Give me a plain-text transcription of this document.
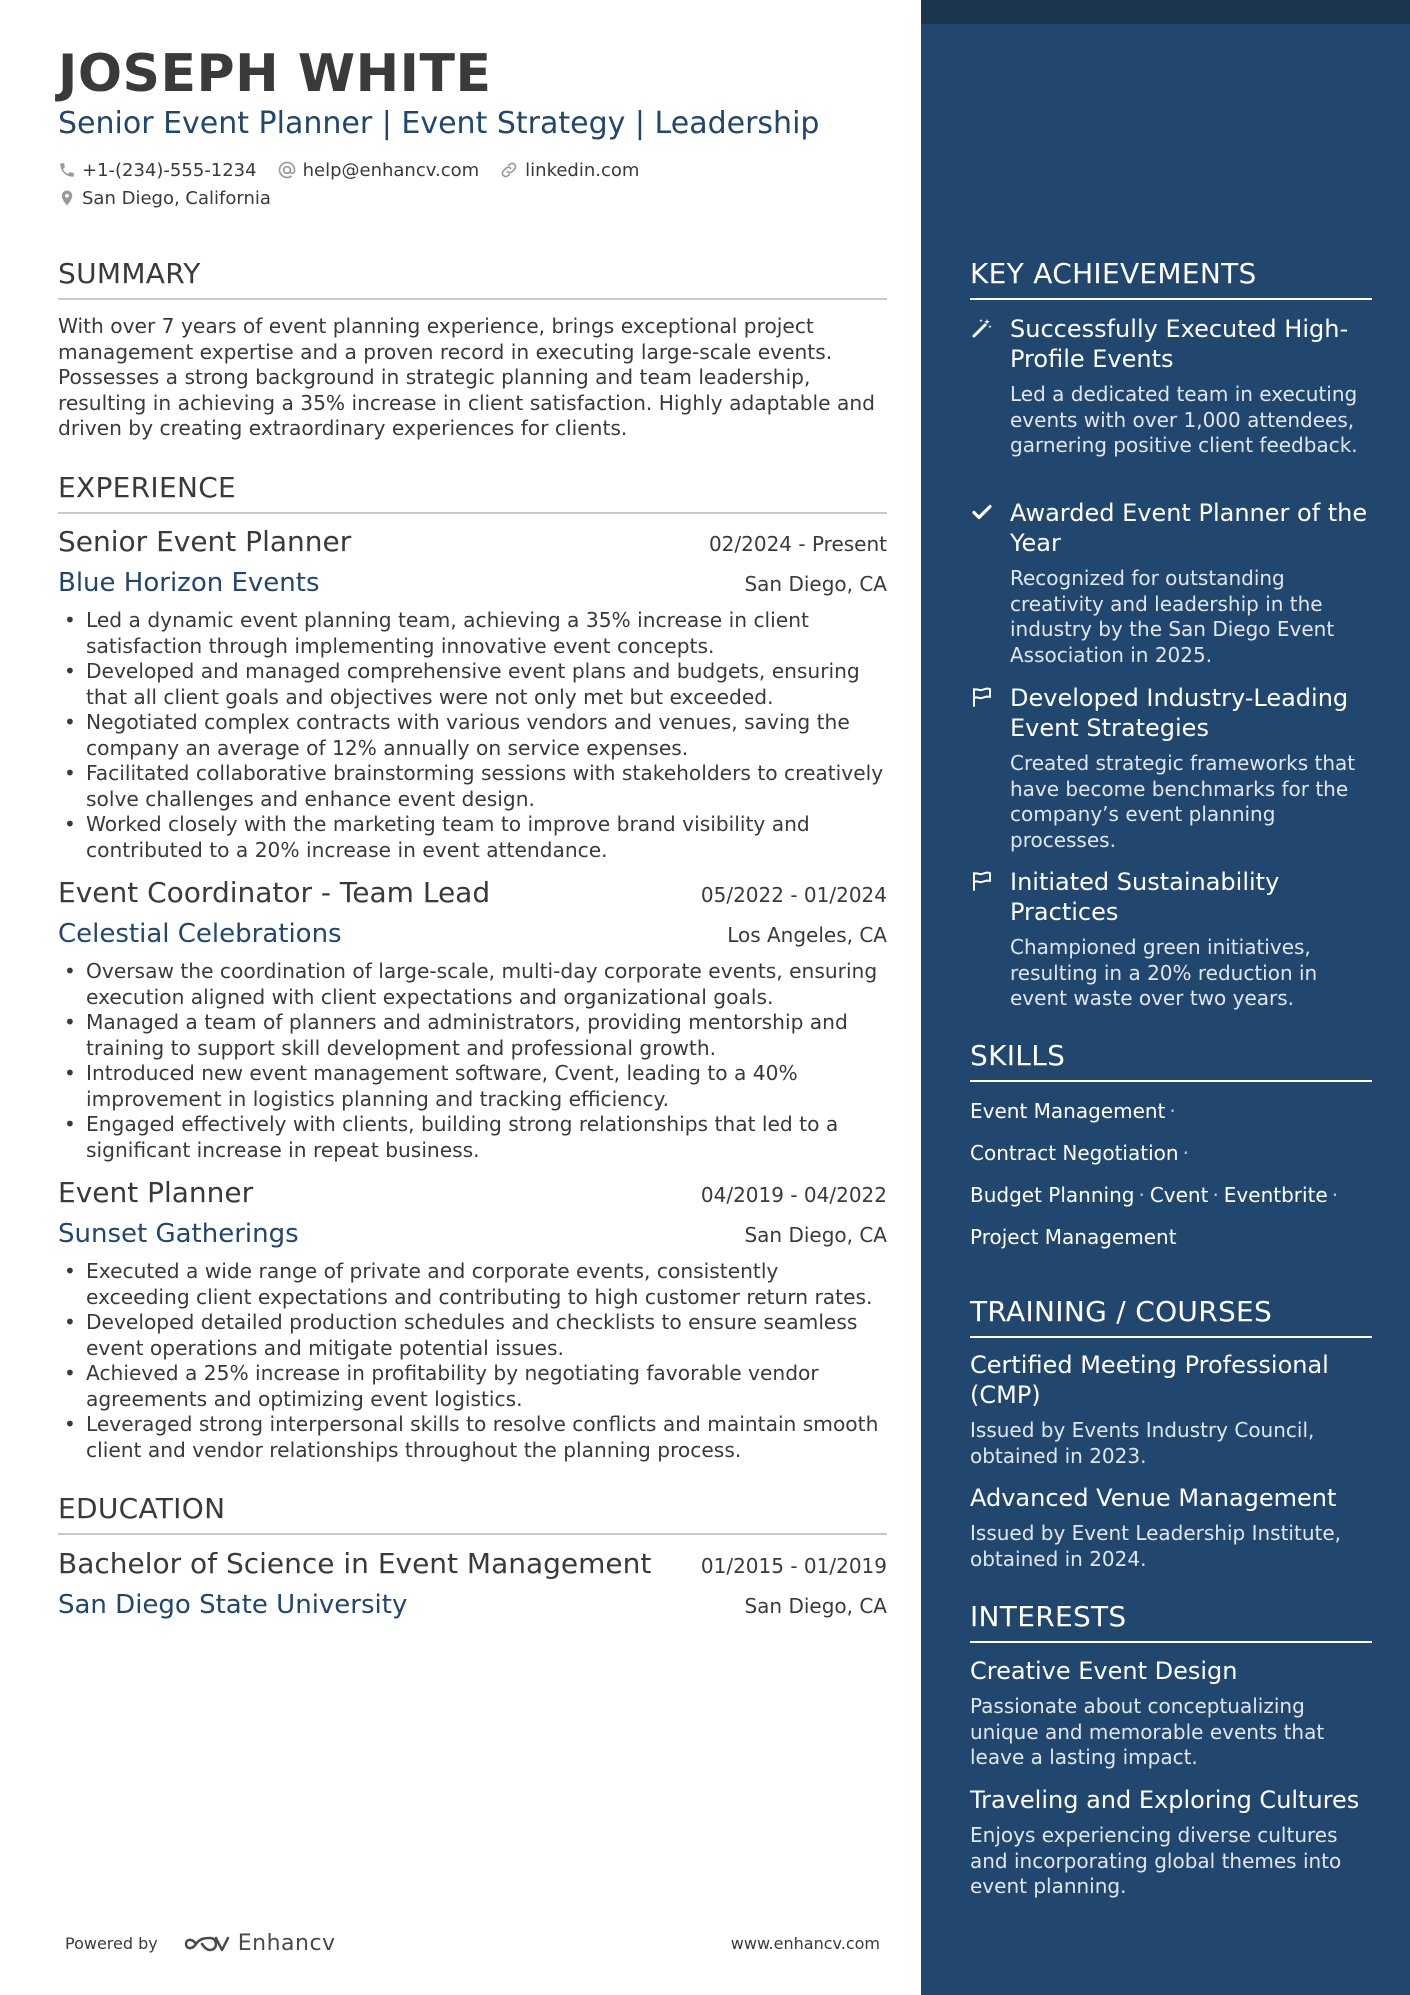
JOSEPH WHITE
Senior Event Planner | Event Strategy | Leadership
+1-(234)-555-1234	help@enhancv.com	linkedin.com
San Diego, California
SUMMARY
With over 7 years of event planning experience, brings exceptional project management expertise and a proven record in executing large-scale events. Possesses a strong background in strategic planning and team leadership, resulting in achieving a 35% increase in client satisfaction. Highly adaptable and driven by creating extraordinary experiences for clients.
EXPERIENCE
Senior Event Planner	02/2024 - Present
Blue Horizon Events	San Diego, CA
• Led a dynamic event planning team, achieving a 35% increase in client satisfaction through implementing innovative event concepts.
• Developed and managed comprehensive event plans and budgets, ensuring that all client goals and objectives were not only met but exceeded.
• Negotiated complex contracts with various vendors and venues, saving the company an average of 12% annually on service expenses.
• Facilitated collaborative brainstorming sessions with stakeholders to creatively solve challenges and enhance event design.
• Worked closely with the marketing team to improve brand visibility and contributed to a 20% increase in event attendance.
Event Coordinator - Team Lead	05/2022 - 01/2024
Celestial Celebrations	Los Angeles, CA
• Oversaw the coordination of large-scale, multi-day corporate events, ensuring execution aligned with client expectations and organizational goals.
• Managed a team of planners and administrators, providing mentorship and training to support skill development and professional growth.
• Introduced new event management software, Cvent, leading to a 40% improvement in logistics planning and tracking efficiency.
• Engaged effectively with clients, building strong relationships that led to a significant increase in repeat business.
Event Planner	04/2019 - 04/2022
Sunset Gatherings	San Diego, CA
• Executed a wide range of private and corporate events, consistently exceeding client expectations and contributing to high customer return rates.
• Developed detailed production schedules and checklists to ensure seamless event operations and mitigate potential issues.
• Achieved a 25% increase in profitability by negotiating favorable vendor agreements and optimizing event logistics.
• Leveraged strong interpersonal skills to resolve conflicts and maintain smooth client and vendor relationships throughout the planning process.
EDUCATION
Bachelor of Science in Event Management 01/2015 - 01/2019
San Diego State University	San Diego, CA
Powered by	Enhancv	www.enhancv.com
KEY ACHIEVEMENTS
Successfully Executed High-Profile Events
Led a dedicated team in executing events with over 1,000 attendees, garnering positive client feedback.
Awarded Event Planner of the Year
Recognized for outstanding creativity and leadership in the industry by the San Diego Event Association in 2025.
Developed Industry-Leading Event Strategies
Created strategic frameworks that have become benchmarks for the company’s event planning processes.
Initiated Sustainability Practices
Championed green initiatives, resulting in a 20% reduction in event waste over two years.
SKILLS
Event Management ·
Contract Negotiation ·
Budget Planning · Cvent · Eventbrite ·
Project Management
TRAINING / COURSES
Certified Meeting Professional (CMP)
Issued by Events Industry Council, obtained in 2023.
Advanced Venue Management
Issued by Event Leadership Institute, obtained in 2024.
INTERESTS
Creative Event Design
Passionate about conceptualizing unique and memorable events that leave a lasting impact.
Traveling and Exploring Cultures
Enjoys experiencing diverse cultures and incorporating global themes into event planning.
